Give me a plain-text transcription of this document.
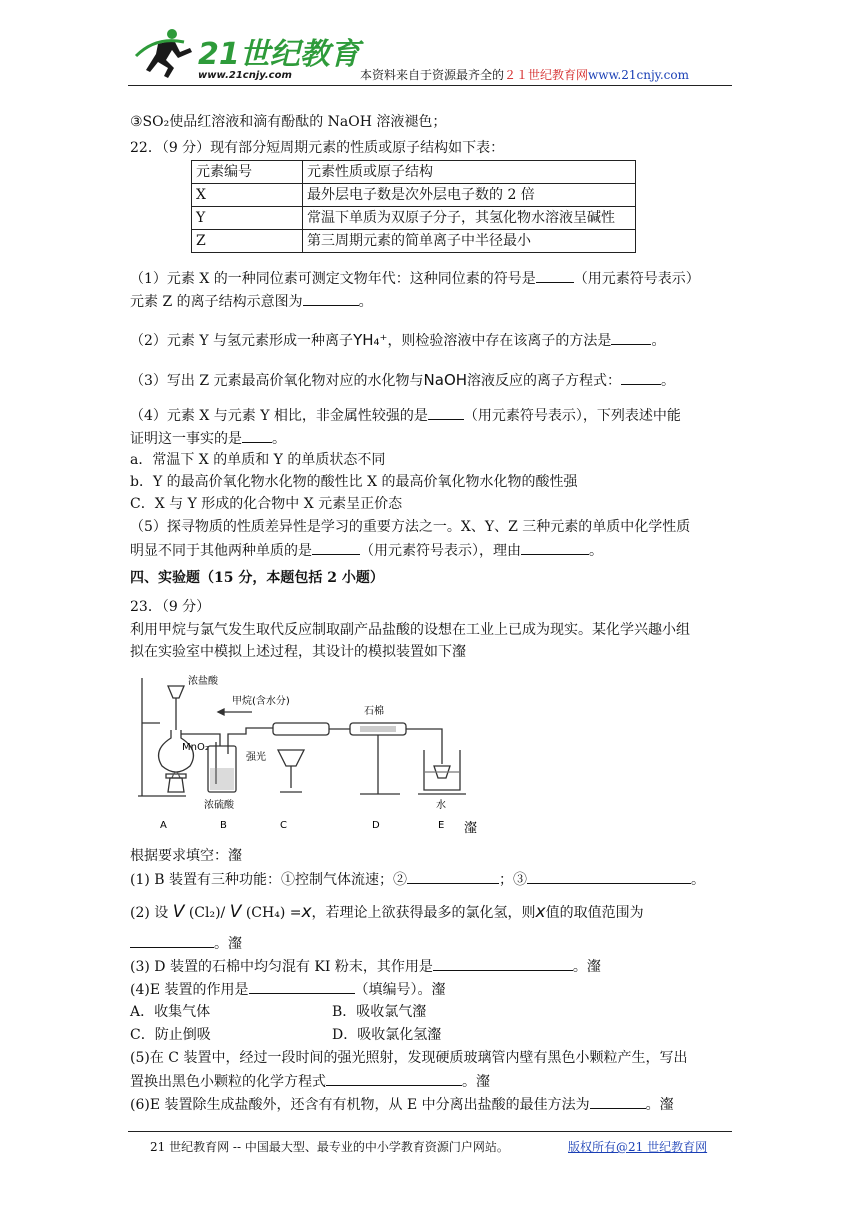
21世纪教育
www.21cnjy.com	本资料来自于资源最齐全的２１世纪教育网www.21cnjy.com
③SO₂使品红溶液和滴有酚酞的 NaOH 溶液褪色；
22．（9 分）现有部分短周期元素的性质或原子结构如下表：
元素编号	元素性质或原子结构
X	最外层电子数是次外层电子数的 2 倍
Y	常温下单质为双原子分子，其氢化物水溶液呈碱性
Z	第三周期元素的简单离子中半径最小
（1）元素 X 的一种同位素可测定文物年代：这种同位素的符号是	（用元素符号表示）
元素 Z 的离子结构示意图为	。
（2）元素 Y 与氢元素形成一种离子YH₄⁺，则检验溶液中存在该离子的方法是	。
（3）写出 Z 元素最高价氧化物对应的水化物与NaOH溶液反应的离子方程式：	。
（4）元素 X 与元素 Y 相比，非金属性较强的是	（用元素符号表示），下列表述中能
证明这一事实的是 。
a．常温下 X 的单质和 Y 的单质状态不同
b．Y 的最高价氧化物水化物的酸性比 X 的最高价氧化物水化物的酸性强
C．X 与 Y 形成的化合物中 X 元素呈正价态
（5）探寻物质的性质差异性是学习的重要方法之一。X、Y、Z 三种元素的单质中化学性质
明显不同于其他两种单质的是	（用元素符号表示），理由	。
四、实验题（15 分，本题包括 2 小题）
23．（9 分）
利用甲烷与氯气发生取代反应制取副产品盐酸的设想在工业上已成为现实。某化学兴趣小组
拟在实验室中模拟上述过程，其设计的模拟装置如下瀣
浓盐酸
甲烷(含水分)
MnO₂
石棉
强光
浓硫酸	水
A	B	C	D	E 瀣
根据要求填空：瀣
(1) B 装置有三种功能：①控制气体流速；②	；③	。
(2) 设 V (Cl₂)/ V (CH₄) =x，若理论上欲获得最多的氯化氢，则x值的取值范围为
。瀣
(3) D 装置的石棉中均匀混有 KI 粉末，其作用是	。瀣
(4)E 装置的作用是	（填编号）。瀣
A．收集气体	B．吸收氯气瀣
C．防止倒吸	D．吸收氯化氢瀣
(5)在 C 装置中，经过一段时间的强光照射，发现硬质玻璃管内壁有黑色小颗粒产生，写出
置换出黑色小颗粒的化学方程式	。瀣
(6)E 装置除生成盐酸外，还含有有机物，从 E 中分离出盐酸的最佳方法为	。瀣
21 世纪教育网 -- 中国最大型、最专业的中小学教育资源门户网站。	版权所有@21 世纪教育网
